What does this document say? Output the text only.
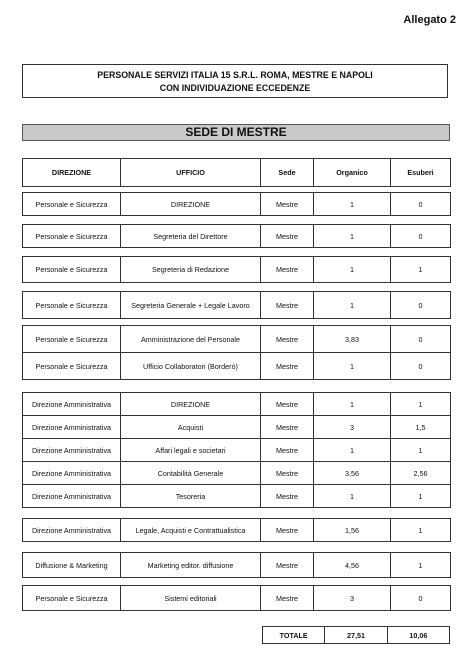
Allegato 2
PERSONALE SERVIZI ITALIA 15 S.R.L. ROMA, MESTRE E NAPOLI
CON INDIVIDUAZIONE ECCEDENZE
SEDE DI MESTRE
DIREZIONE	UFFICIO	Sede	Organico	Esuberi
Personale e Sicurezza	DIREZIONE	Mestre	1	0
Personale e Sicurezza	Segreteria del Direttore	Mestre	1	0
Personale e Sicurezza	Segreteria di Redazione	Mestre	1	1
Personale e Sicurezza	Segreteria Generale + Legale Lavoro	Mestre	1	0
Personale e Sicurezza	Amministrazione del Personale	Mestre	3,83	0
Personale e Sicurezza	Ufficio Collaboratori (Borderò)	Mestre	1	0
Direzione Amministrativa	DIREZIONE	Mestre	1	1
Direzione Amministrativa	Acquisti	Mestre	3	1,5
Direzione Amministrativa	Affari legali e societari	Mestre	1	1
Direzione Amministrativa	Contabilità Generale	Mestre	3,56	2,56
Direzione Amministrativa	Tesoreria	Mestre	1	1
Direzione Amministrativa	Legale, Acquisti e Contrattualistica	Mestre	1,56	1
Diffusione & Marketing	Marketing editor. diffusione	Mestre	4,56	1
Personale e Sicurezza	Sistemi editoriali	Mestre	3	0
TOTALE	27,51	10,06
